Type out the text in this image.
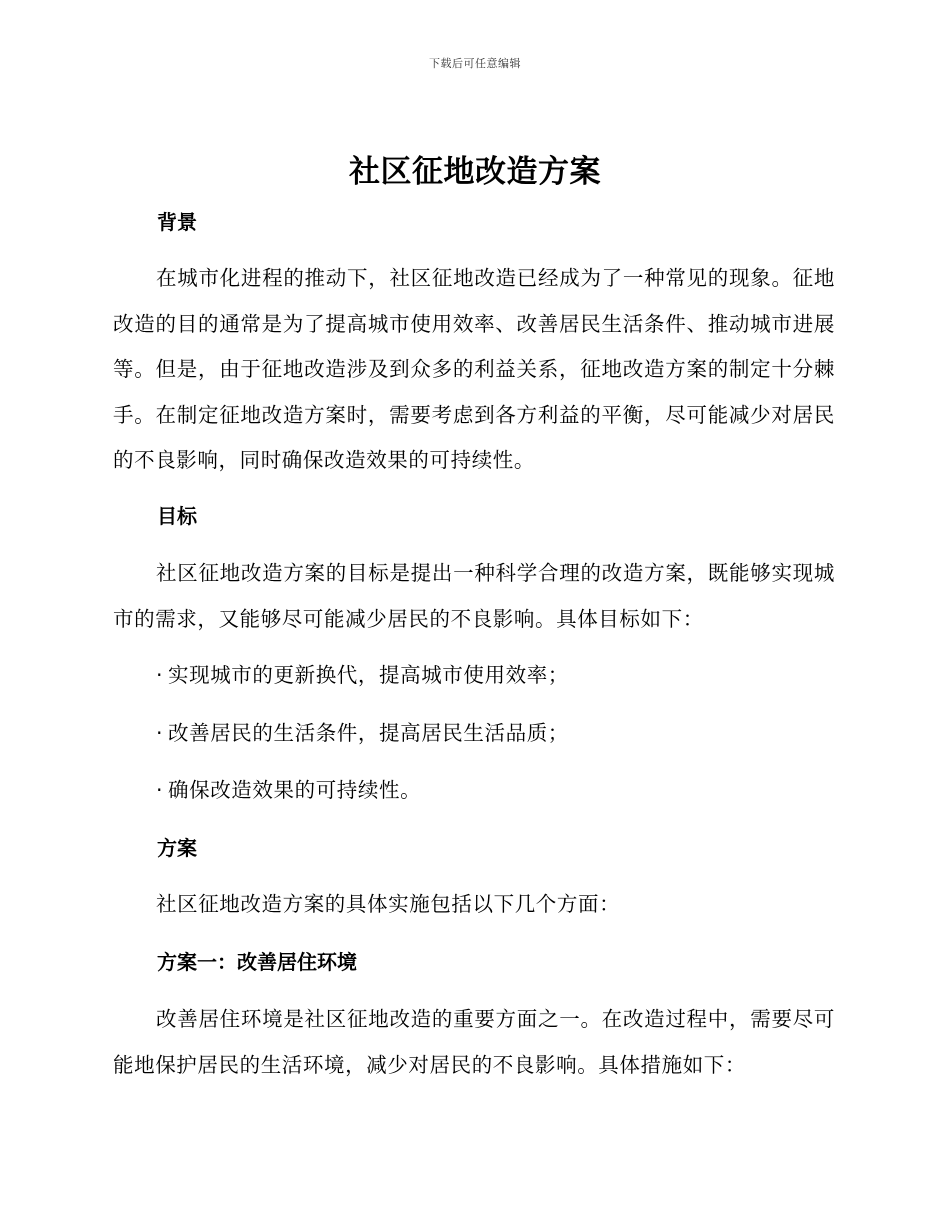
下载后可任意编辑
社区征地改造方案
背景

在城市化进程的推动下，社区征地改造已经成为了一种常见的现象。征地改造的目的通常是为了提高城市使用效率、改善居民生活条件、推动城市进展等。但是，由于征地改造涉及到众多的利益关系，征地改造方案的制定十分棘手。在制定征地改造方案时，需要考虑到各方利益的平衡，尽可能减少对居民的不良影响，同时确保改造效果的可持续性。

目标

社区征地改造方案的目标是提出一种科学合理的改造方案，既能够实现城市的需求，又能够尽可能减少居民的不良影响。具体目标如下：

· 实现城市的更新换代，提高城市使用效率；

· 改善居民的生活条件，提高居民生活品质；

· 确保改造效果的可持续性。

方案

社区征地改造方案的具体实施包括以下几个方面：

方案一：改善居住环境

改善居住环境是社区征地改造的重要方面之一。在改造过程中，需要尽可能地保护居民的生活环境，减少对居民的不良影响。具体措施如下：
